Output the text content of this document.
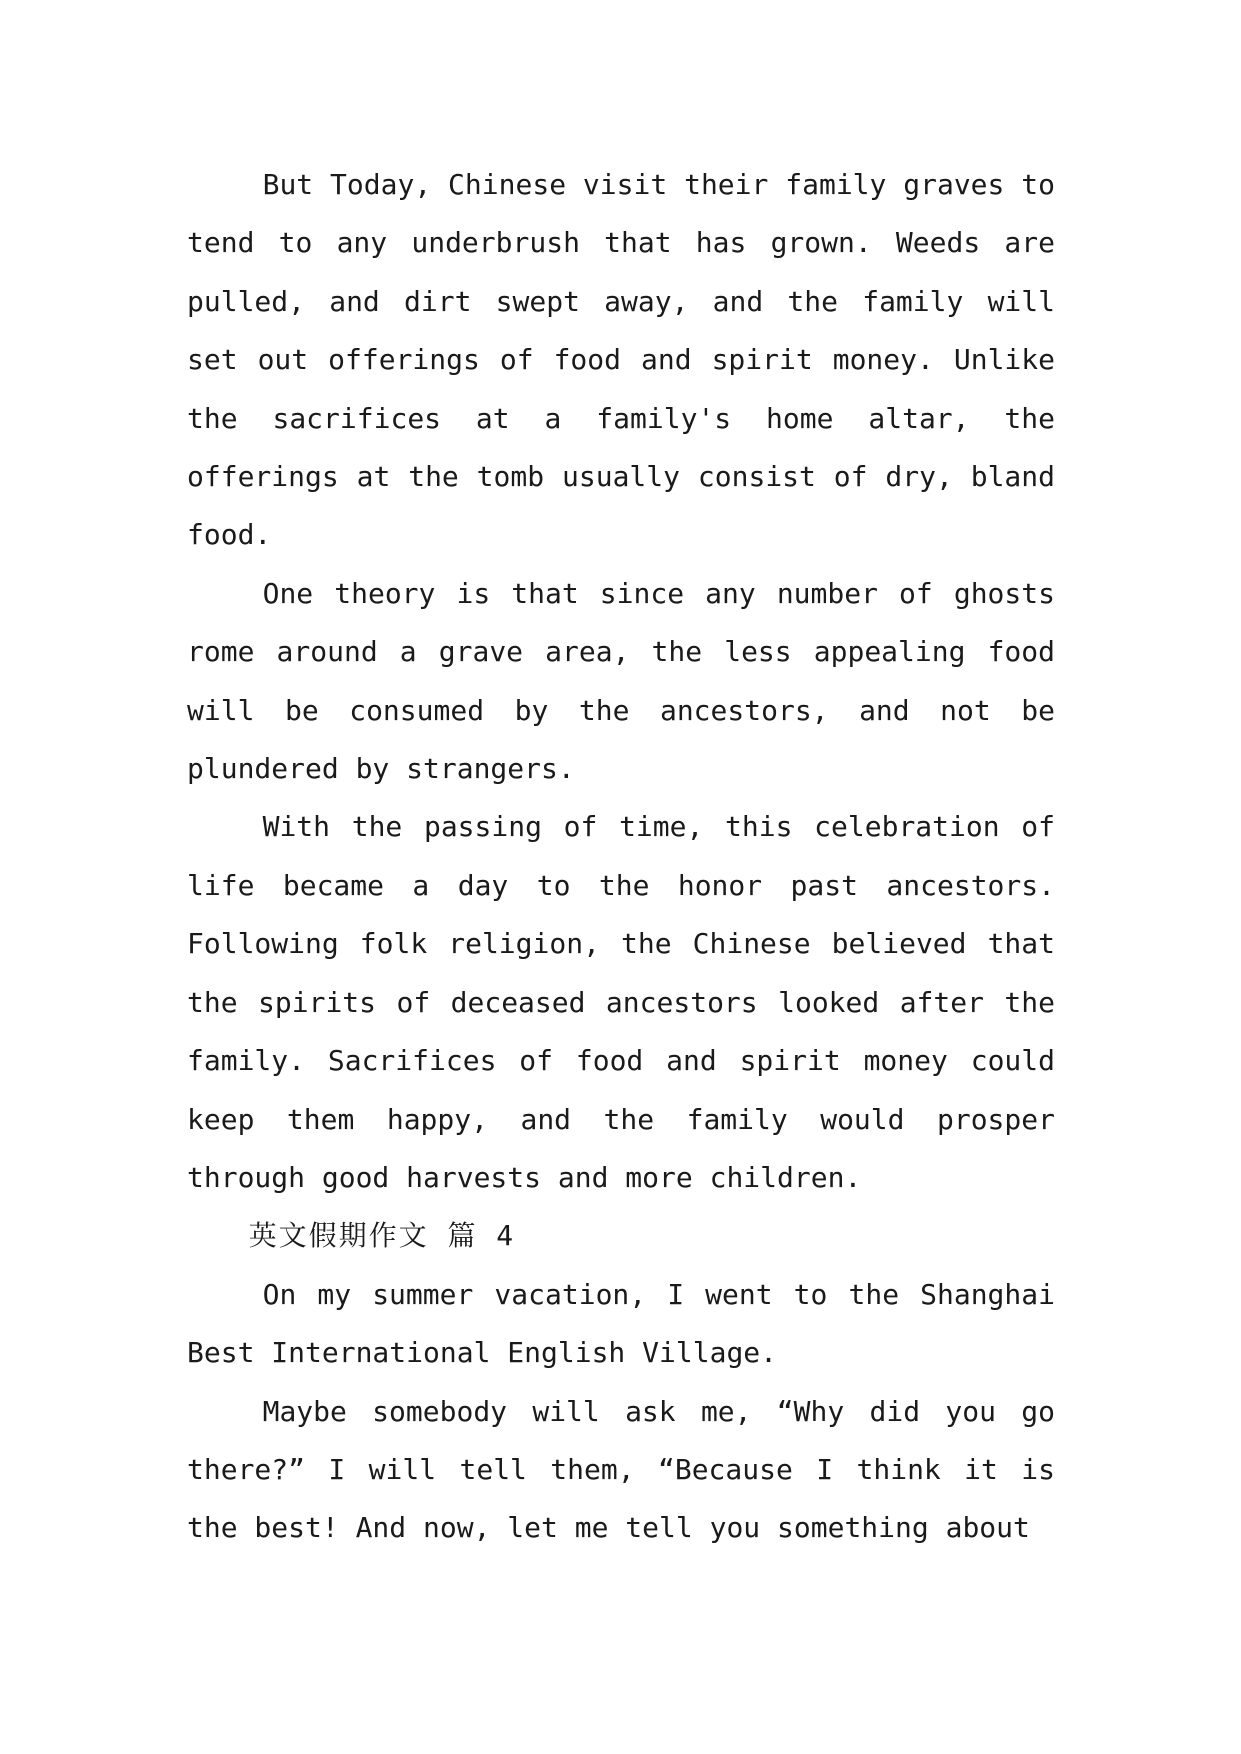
But Today, Chinese visit their family graves to tend to any underbrush that has grown. Weeds are pulled, and dirt swept away, and the family will set out offerings of food and spirit money. Unlike the sacrifices at a family's home altar, the offerings at the tomb usually consist of dry, bland food.

One theory is that since any number of ghosts rome around a grave area, the less appealing food will be consumed by the ancestors, and not be plundered by strangers.

With the passing of time, this celebration of life became a day to the honor past ancestors. Following folk religion, the Chinese believed that the spirits of deceased ancestors looked after the family. Sacrifices of food and spirit money could keep them happy, and the family would prosper through good harvests and more children.

英文假期作文 篇 4

On my summer vacation, I went to the Shanghai Best International English Village.

Maybe somebody will ask me, “Why did you go there?” I will tell them, “Because I think it is the best! And now, let me tell you something about
